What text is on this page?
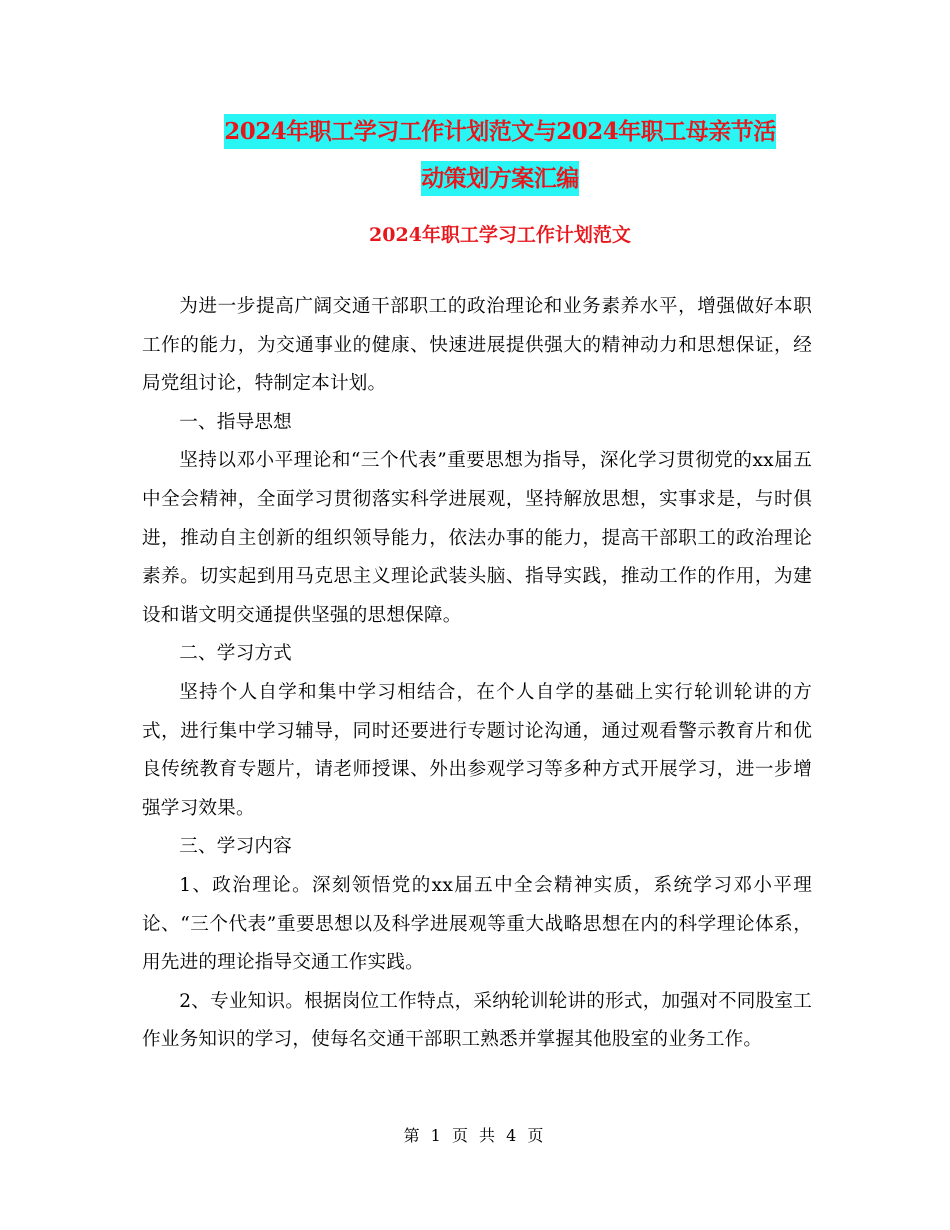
2024年职工学习工作计划范文与2024年职工母亲节活
动策划方案汇编
2024年职工学习工作计划范文

为进一步提高广阔交通干部职工的政治理论和业务素养水平，增强做好本职工作的能力，为交通事业的健康、快速进展提供强大的精神动力和思想保证，经局党组讨论，特制定本计划。

一、指导思想

坚持以邓小平理论和“三个代表”重要思想为指导，深化学习贯彻党的xx届五中全会精神，全面学习贯彻落实科学进展观，坚持解放思想，实事求是，与时俱进，推动自主创新的组织领导能力，依法办事的能力，提高干部职工的政治理论素养。切实起到用马克思主义理论武装头脑、指导实践，推动工作的作用，为建设和谐文明交通提供坚强的思想保障。

二、学习方式

坚持个人自学和集中学习相结合，在个人自学的基础上实行轮训轮讲的方式，进行集中学习辅导，同时还要进行专题讨论沟通，通过观看警示教育片和优良传统教育专题片，请老师授课、外出参观学习等多种方式开展学习，进一步增强学习效果。

三、学习内容

1、政治理论。深刻领悟党的xx届五中全会精神实质，系统学习邓小平理论、“三个代表”重要思想以及科学进展观等重大战略思想在内的科学理论体系，用先进的理论指导交通工作实践。

2、专业知识。根据岗位工作特点，采纳轮训轮讲的形式，加强对不同股室工作业务知识的学习，使每名交通干部职工熟悉并掌握其他股室的业务工作。

第 1 页 共 4 页
